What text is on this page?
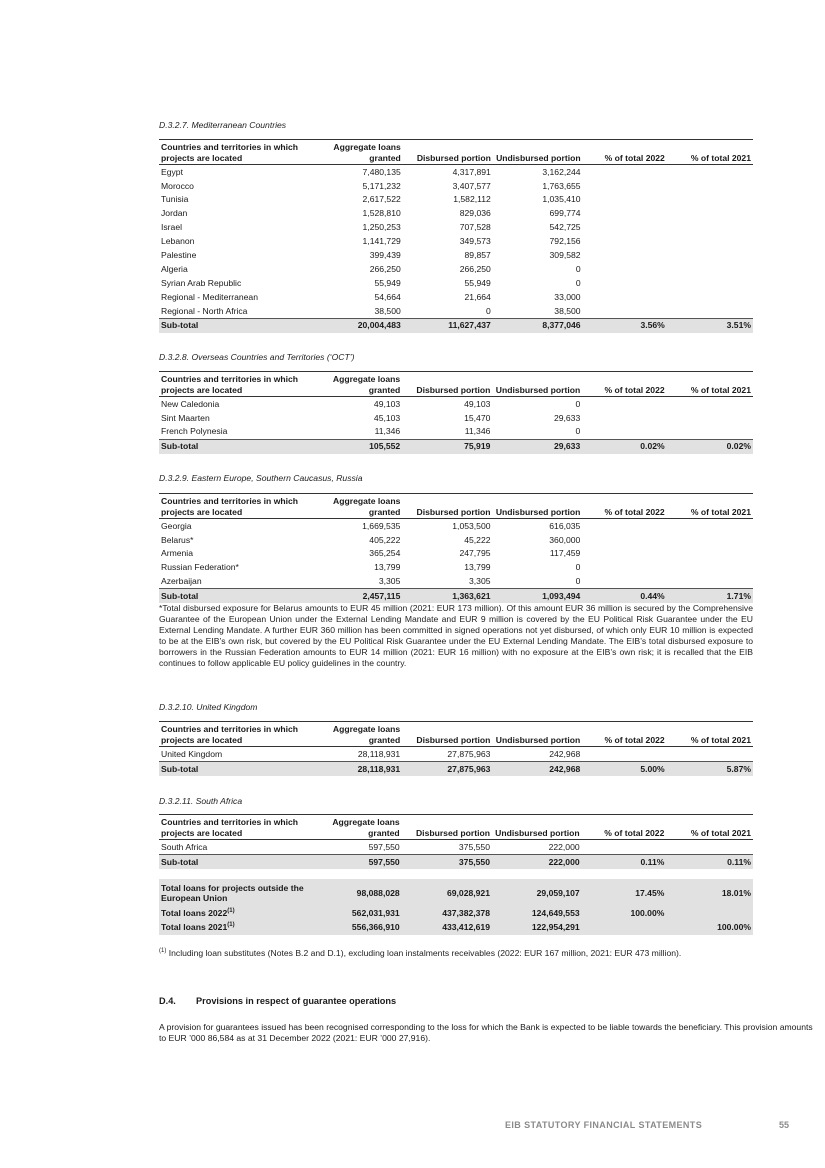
D.3.2.7. Mediterranean Countries
Countries and territories in which projects are located	Aggregate loans granted	Disbursed portion	Undisbursed portion	% of total 2022	% of total 2021
Egypt	7,480,135	4,317,891	3,162,244		
Morocco	5,171,232	3,407,577	1,763,655		
Tunisia	2,617,522	1,582,112	1,035,410		
Jordan	1,528,810	829,036	699,774		
Israel	1,250,253	707,528	542,725		
Lebanon	1,141,729	349,573	792,156		
Palestine	399,439	89,857	309,582		
Algeria	266,250	266,250	0		
Syrian Arab Republic	55,949	55,949	0		
Regional - Mediterranean	54,664	21,664	33,000		
Regional - North Africa	38,500	0	38,500		
Sub-total	20,004,483	11,627,437	8,377,046	3.56%	3.51%
D.3.2.8. Overseas Countries and Territories (‘OCT’)
Countries and territories in which projects are located	Aggregate loans granted	Disbursed portion	Undisbursed portion	% of total 2022	% of total 2021
New Caledonia	49,103	49,103	0		
Sint Maarten	45,103	15,470	29,633		
French Polynesia	11,346	11,346	0		
Sub-total	105,552	75,919	29,633	0.02%	0.02%
D.3.2.9. Eastern Europe, Southern Caucasus, Russia
Countries and territories in which projects are located	Aggregate loans granted	Disbursed portion	Undisbursed portion	% of total 2022	% of total 2021
Georgia	1,669,535	1,053,500	616,035		
Belarus*	405,222	45,222	360,000		
Armenia	365,254	247,795	117,459		
Russian Federation*	13,799	13,799	0		
Azerbaijan	3,305	3,305	0		
Sub-total	2,457,115	1,363,621	1,093,494	0.44%	1.71%
*Total disbursed exposure for Belarus amounts to EUR 45 million (2021: EUR 173 million). Of this amount EUR 36 million is secured by the Comprehensive Guarantee of the European Union under the External Lending Mandate and EUR 9 million is covered by the EU Political Risk Guarantee under the EU External Lending Mandate. A further EUR 360 million has been committed in signed operations not yet disbursed, of which only EUR 10 million is expected to be at the EIB’s own risk, but covered by the EU Political Risk Guarantee under the EU External Lending Mandate. The EIB’s total disbursed exposure to borrowers in the Russian Federation amounts to EUR 14 million (2021: EUR 16 million) with no exposure at the EIB’s own risk; it is recalled that the EIB continues to follow applicable EU policy guidelines in the country.
D.3.2.10. United Kingdom
Countries and territories in which projects are located	Aggregate loans granted	Disbursed portion	Undisbursed portion	% of total 2022	% of total 2021
United Kingdom	28,118,931	27,875,963	242,968		
Sub-total	28,118,931	27,875,963	242,968	5.00%	5.87%
D.3.2.11. South Africa
Countries and territories in which projects are located	Aggregate loans granted	Disbursed portion	Undisbursed portion	% of total 2022	% of total 2021
South Africa	597,550	375,550	222,000		
Sub-total	597,550	375,550	222,000	0.11%	0.11%

Total loans for projects outside the European Union	98,088,028	69,028,921	29,059,107	17.45%	18.01%
Total loans 2022$^{(1)}$	562,031,931	437,382,378	124,649,553	100.00%	
Total loans 2021$^{(1)}$	556,366,910	433,412,619	122,954,291		100.00%
$^{(1)}$ Including loan substitutes (Notes B.2 and D.1), excluding loan instalments receivables (2022: EUR 167 million, 2021: EUR 473 million).
D.4. Provisions in respect of guarantee operations
A provision for guarantees issued has been recognised corresponding to the loss for which the Bank is expected to be liable towards the beneficiary. This provision amounts to EUR ’000 86,584 as at 31 December 2022 (2021: EUR ’000 27,916).
EIB STATUTORY FINANCIAL STATEMENTS	55
